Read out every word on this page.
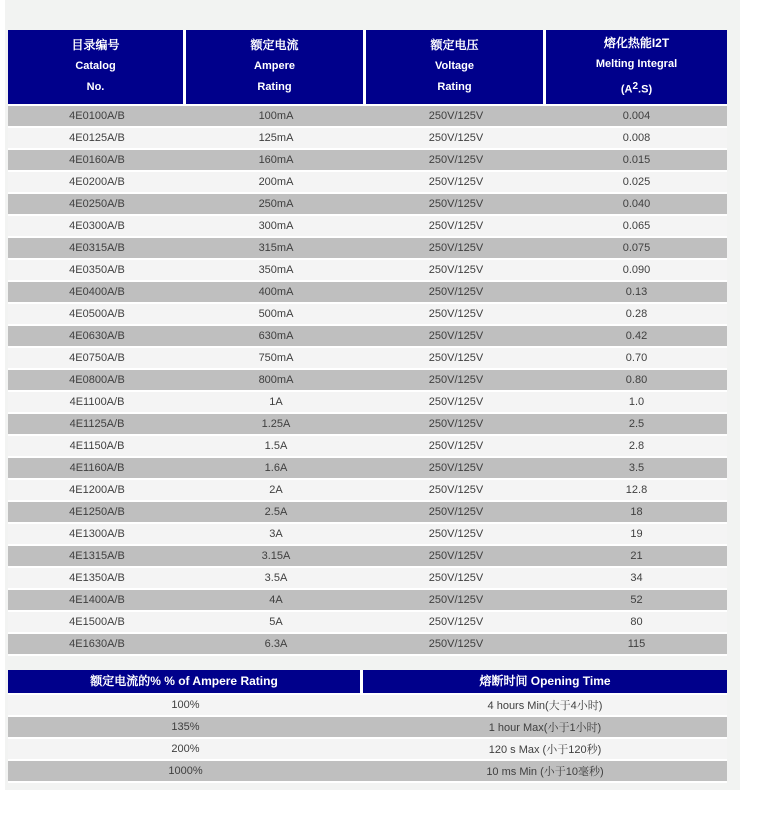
目录编号
Catalog
No.

额定电流
Ampere
Rating

额定电压
Voltage
Rating

熔化热能I2T
Melting Integral
$(A^2.S)$

4E0100A/B	100mA	250V/125V	0.004
4E0125A/B	125mA	250V/125V	0.008
4E0160A/B	160mA	250V/125V	0.015
4E0200A/B	200mA	250V/125V	0.025
4E0250A/B	250mA	250V/125V	0.040
4E0300A/B	300mA	250V/125V	0.065
4E0315A/B	315mA	250V/125V	0.075
4E0350A/B	350mA	250V/125V	0.090
4E0400A/B	400mA	250V/125V	0.13
4E0500A/B	500mA	250V/125V	0.28
4E0630A/B	630mA	250V/125V	0.42
4E0750A/B	750mA	250V/125V	0.70
4E0800A/B	800mA	250V/125V	0.80
4E1100A/B	1A	250V/125V	1.0
4E1125A/B	1.25A	250V/125V	2.5
4E1150A/B	1.5A	250V/125V	2.8
4E1160A/B	1.6A	250V/125V	3.5
4E1200A/B	2A	250V/125V	12.8
4E1250A/B	2.5A	250V/125V	18
4E1300A/B	3A	250V/125V	19
4E1315A/B	3.15A	250V/125V	21
4E1350A/B	3.5A	250V/125V	34
4E1400A/B	4A	250V/125V	52
4E1500A/B	5A	250V/125V	80
4E1630A/B	6.3A	250V/125V	115
额定电流的% % of Ampere Rating	熔断时间 Opening Time
100%	4 hours Min(大于4小时)
135%	1 hour Max(小于1小时)
200%	120 s Max (小于120秒)
1000%	10 ms Min (小于10毫秒)
